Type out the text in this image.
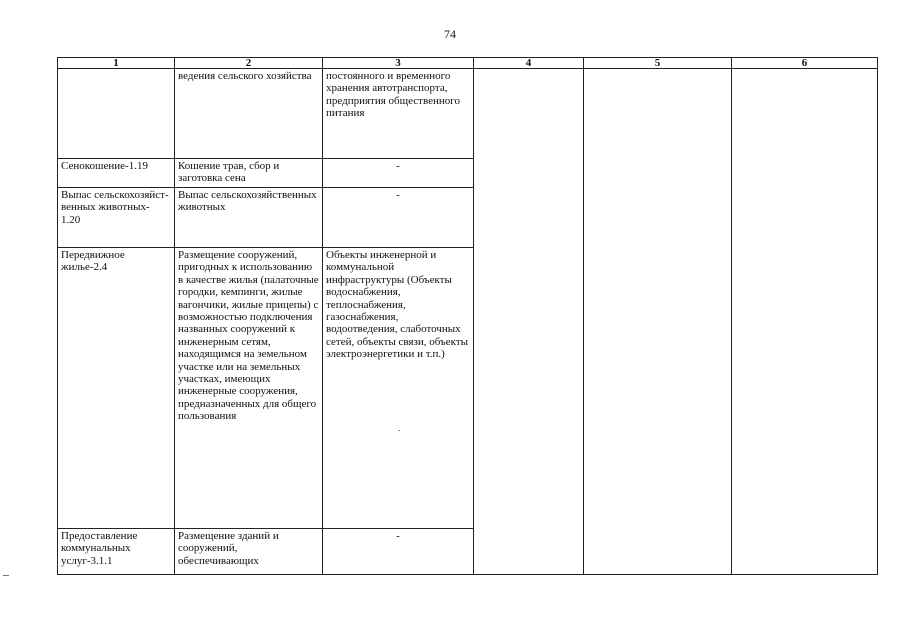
74
1	2	3	4	5	6
	ведения сельского хозяйства	постоянного и временного хранения автотранспорта, предприятия общественного питания			
Сенокошение-1.19	Кошение трав, сбор и заготовка сена	-			
Выпас сельскохозяйст-венных животных- 1.20	Выпас сельскохозяйственных животных	-			
Передвижное жилье-2.4	Размещение сооружений, пригодных к использованию в качестве жилья (палаточные городки, кемпинги, жилые вагончики, жилые прицепы) с возможностью подключения названных сооружений к инженерным сетям, находящимся на земельном участке или на земельных участках, имеющих инженерные сооружения, предназначенных для общего пользования	Объекты инженерной и коммунальной инфраструктуры (Объекты водоснабжения, теплоснабжения, газоснабжения, водоотведения, слаботочных сетей, объекты связи, объекты электроэнергетики и т.п.)			
Предоставление коммунальных услуг-3.1.1	Размещение зданий и сооружений, обеспечивающих	-			
